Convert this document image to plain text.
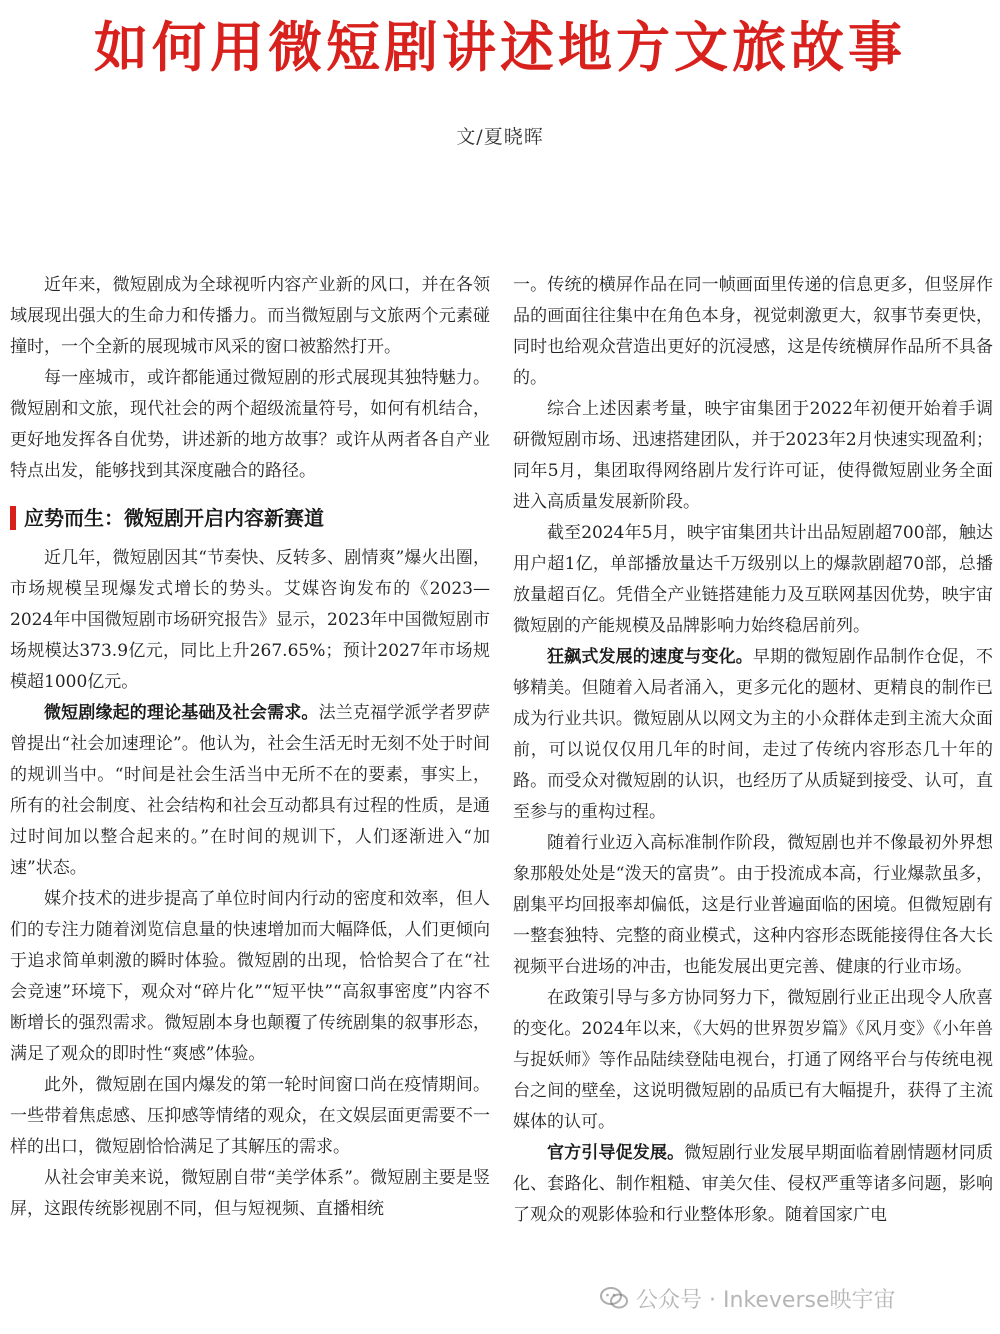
如何用微短剧讲述地方文旅故事
文/夏晓晖

近年来，微短剧成为全球视听内容产业新的风口，并在各领域展现出强大的生命力和传播力。而当微短剧与文旅两个元素碰撞时，一个全新的展现城市风采的窗口被豁然打开。

每一座城市，或许都能通过微短剧的形式展现其独特魅力。微短剧和文旅，现代社会的两个超级流量符号，如何有机结合，更好地发挥各自优势，讲述新的地方故事？或许从两者各自产业特点出发，能够找到其深度融合的路径。

应势而生：微短剧开启内容新赛道

近几年，微短剧因其“节奏快、反转多、剧情爽”爆火出圈，市场规模呈现爆发式增长的势头。艾媒咨询发布的《2023—2024年中国微短剧市场研究报告》显示，2023年中国微短剧市场规模达373.9亿元，同比上升267.65%；预计2027年市场规模超1000亿元。

微短剧缘起的理论基础及社会需求。法兰克福学派学者罗萨曾提出“社会加速理论”。他认为，社会生活无时无刻不处于时间的规训当中。“时间是社会生活当中无所不在的要素，事实上，所有的社会制度、社会结构和社会互动都具有过程的性质，是通过时间加以整合起来的。”在时间的规训下，人们逐渐进入“加速”状态。

媒介技术的进步提高了单位时间内行动的密度和效率，但人们的专注力随着浏览信息量的快速增加而大幅降低，人们更倾向于追求简单刺激的瞬时体验。微短剧的出现，恰恰契合了在“社会竞速”环境下，观众对“碎片化”“短平快”“高叙事密度”内容不断增长的强烈需求。微短剧本身也颠覆了传统剧集的叙事形态，满足了观众的即时性“爽感”体验。

此外，微短剧在国内爆发的第一轮时间窗口尚在疫情期间。一些带着焦虑感、压抑感等情绪的观众，在文娱层面更需要不一样的出口，微短剧恰恰满足了其解压的需求。

从社会审美来说，微短剧自带“美学体系”。微短剧主要是竖屏，这跟传统影视剧不同，但与短视频、直播相统

一。传统的横屏作品在同一帧画面里传递的信息更多，但竖屏作品的画面往往集中在角色本身，视觉刺激更大，叙事节奏更快，同时也给观众营造出更好的沉浸感，这是传统横屏作品所不具备的。

综合上述因素考量，映宇宙集团于2022年初便开始着手调研微短剧市场、迅速搭建团队，并于2023年2月快速实现盈利；同年5月，集团取得网络剧片发行许可证，使得微短剧业务全面进入高质量发展新阶段。

截至2024年5月，映宇宙集团共计出品短剧超700部，触达用户超1亿，单部播放量达千万级别以上的爆款剧超70部，总播放量超百亿。凭借全产业链搭建能力及互联网基因优势，映宇宙微短剧的产能规模及品牌影响力始终稳居前列。

狂飙式发展的速度与变化。早期的微短剧作品制作仓促，不够精美。但随着入局者涌入，更多元化的题材、更精良的制作已成为行业共识。微短剧从以网文为主的小众群体走到主流大众面前，可以说仅仅用几年的时间，走过了传统内容形态几十年的路。而受众对微短剧的认识，也经历了从质疑到接受、认可，直至参与的重构过程。

随着行业迈入高标准制作阶段，微短剧也并不像最初外界想象那般处处是“泼天的富贵”。由于投流成本高，行业爆款虽多，剧集平均回报率却偏低，这是行业普遍面临的困境。但微短剧有一整套独特、完整的商业模式，这种内容形态既能接得住各大长视频平台进场的冲击，也能发展出更完善、健康的行业市场。

在政策引导与多方协同努力下，微短剧行业正出现令人欣喜的变化。2024年以来，《大妈的世界贺岁篇》《风月变》《小年兽与捉妖师》等作品陆续登陆电视台，打通了网络平台与传统电视台之间的壁垒，这说明微短剧的品质已有大幅提升，获得了主流媒体的认可。

官方引导促发展。微短剧行业发展早期面临着剧情题材同质化、套路化、制作粗糙、审美欠佳、侵权严重等诸多问题，影响了观众的观影体验和行业整体形象。随着国家广电

公众号 · Inkeverse映宇宙
